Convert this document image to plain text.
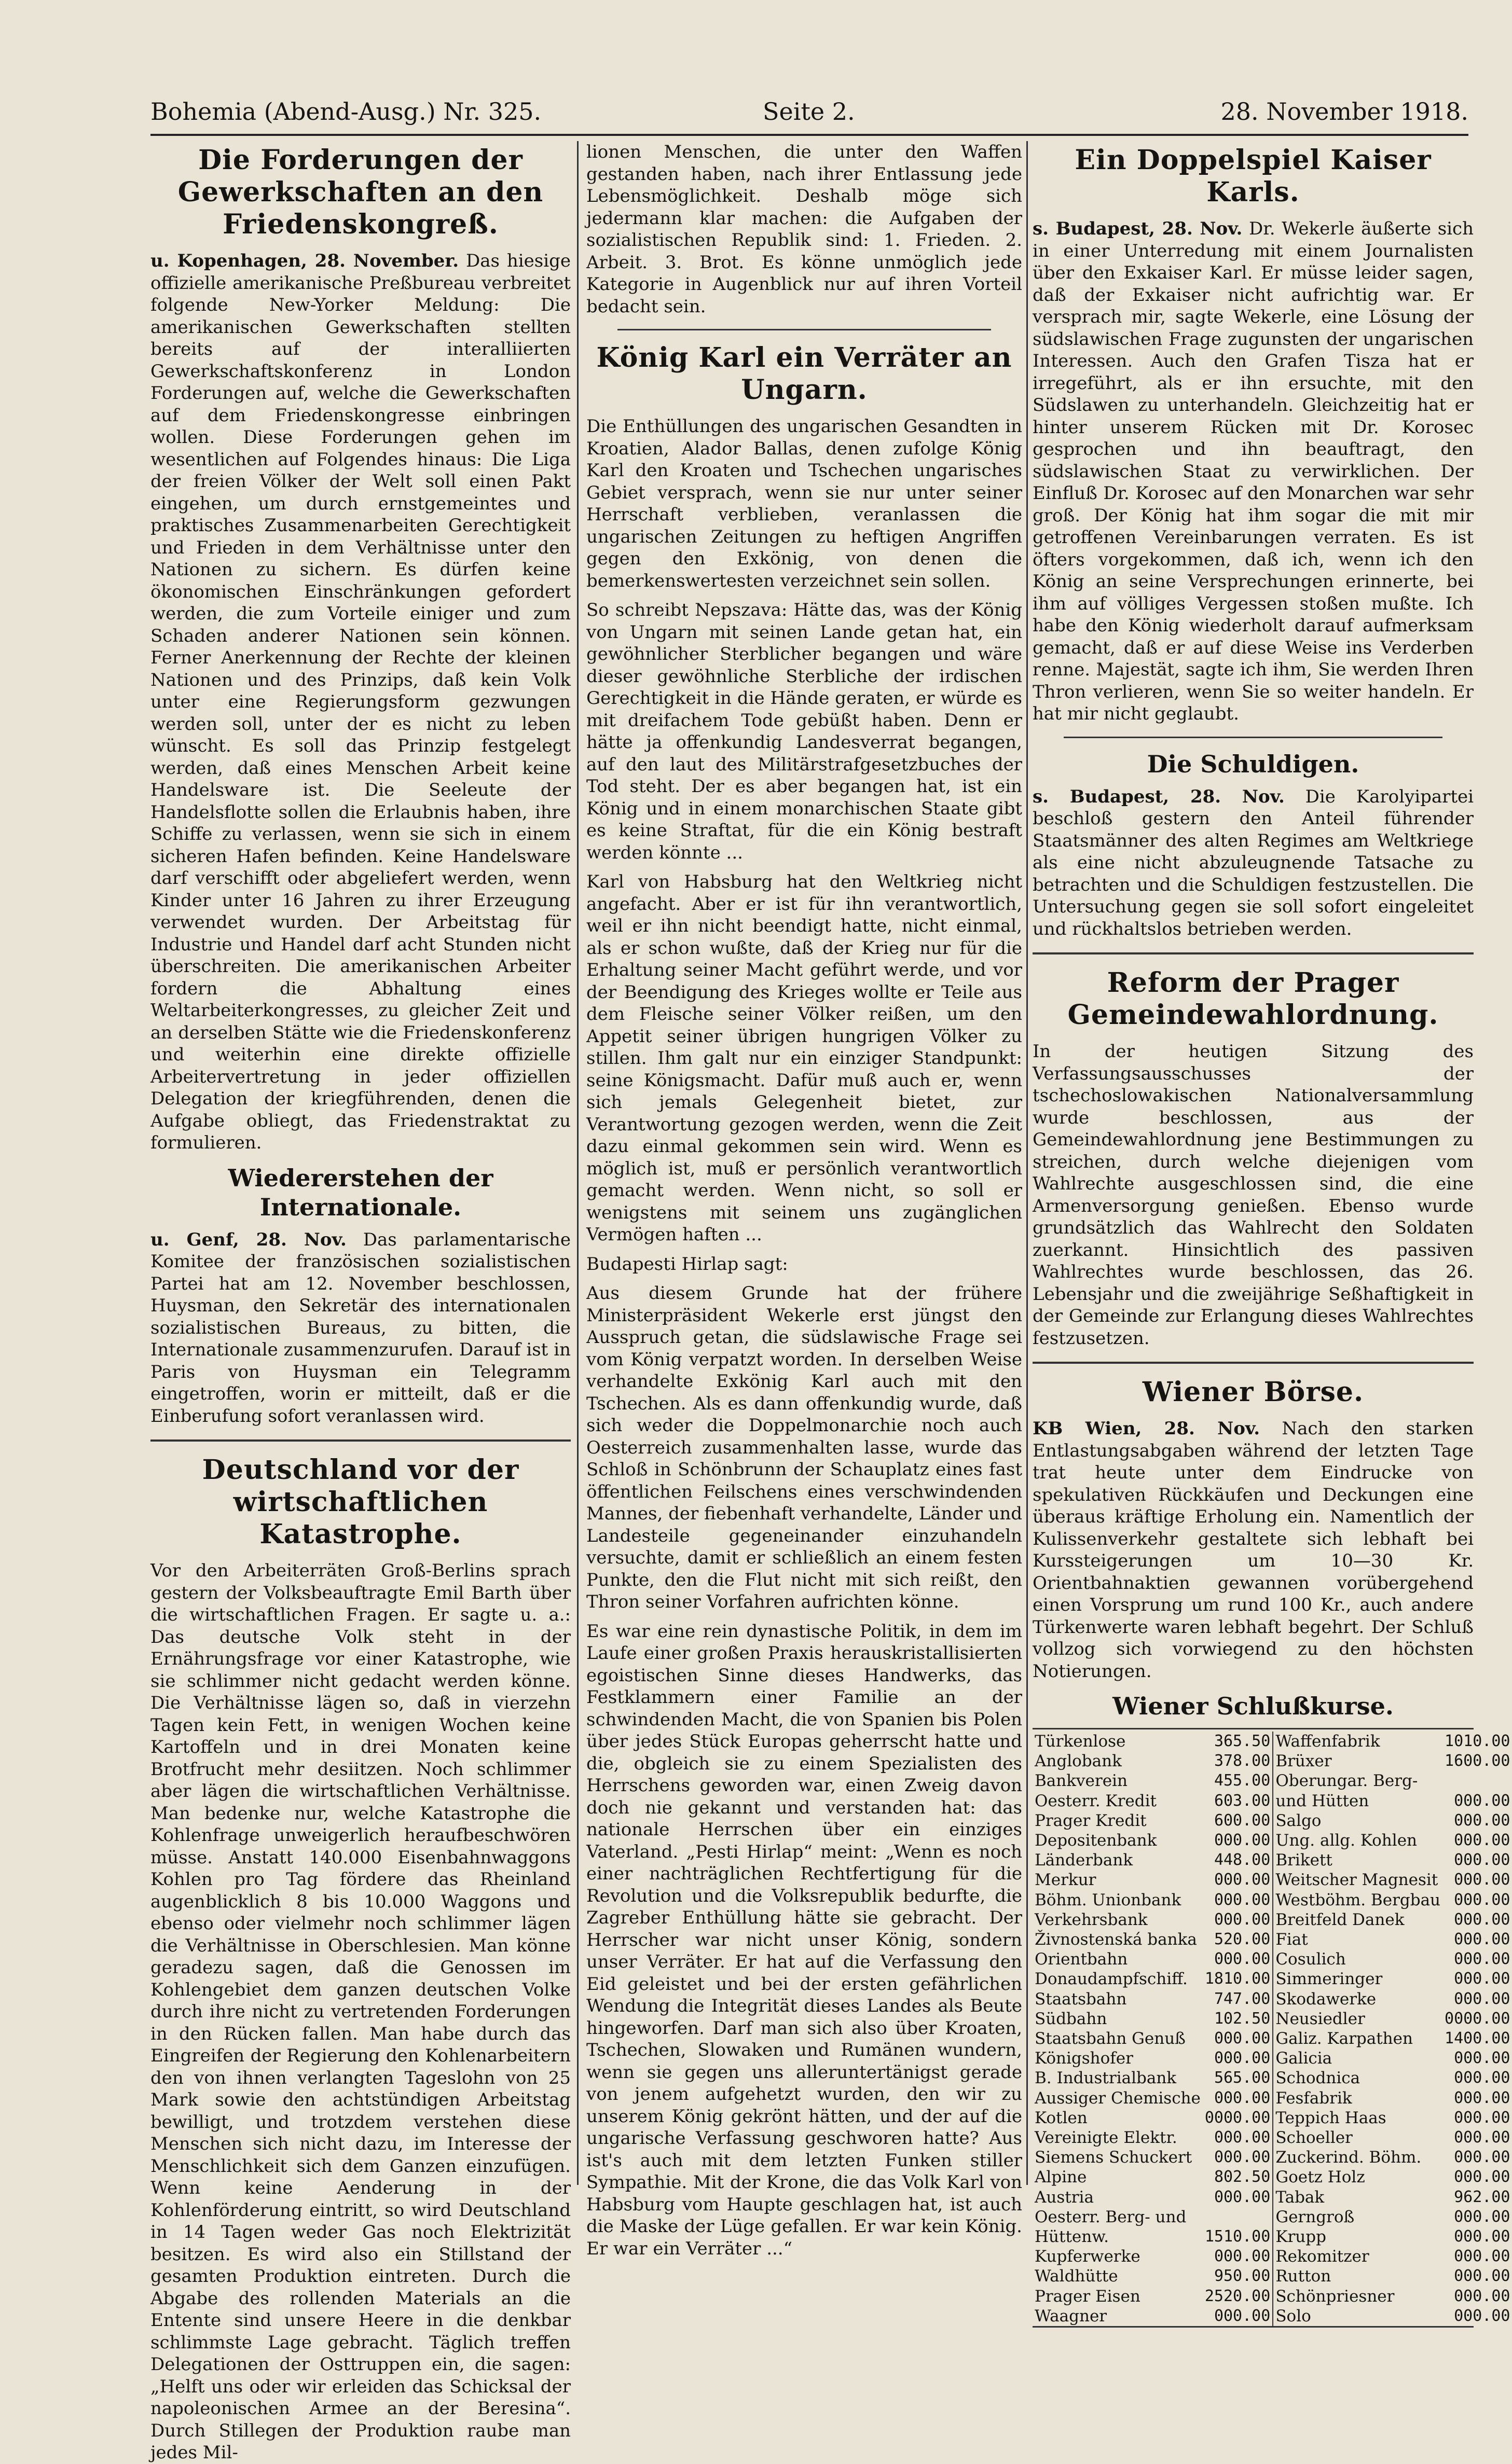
Bohemia (Abend-Ausg.) Nr. 325.	Seite 2.	28. November 1918.
Die Forderungen der Gewerkschaften an den Friedenskongreß.

u. Kopenhagen, 28. November. Das hiesige offizielle amerikanische Preßbureau verbreitet folgende New-Yorker Meldung: Die amerikanischen Gewerkschaften stellten bereits auf der interalliierten Gewerkschaftskonferenz in London Forderungen auf, welche die Gewerkschaften auf dem Friedenskongresse einbringen wollen. Diese Forderungen gehen im wesentlichen auf Folgendes hinaus: Die Liga der freien Völker der Welt soll einen Pakt eingehen, um durch ernstgemeintes und praktisches Zusammenarbeiten Gerechtigkeit und Frieden in dem Verhältnisse unter den Nationen zu sichern. Es dürfen keine ökonomischen Einschränkungen gefordert werden, die zum Vorteile einiger und zum Schaden anderer Nationen sein können. Ferner Anerkennung der Rechte der kleinen Nationen und des Prinzips, daß kein Volk unter eine Regierungsform gezwungen werden soll, unter der es nicht zu leben wünscht. Es soll das Prinzip festgelegt werden, daß eines Menschen Arbeit keine Handelsware ist. Die Seeleute der Handelsflotte sollen die Erlaubnis haben, ihre Schiffe zu verlassen, wenn sie sich in einem sicheren Hafen befinden. Keine Handelsware darf verschifft oder abgeliefert werden, wenn Kinder unter 16 Jahren zu ihrer Erzeugung verwendet wurden. Der Arbeitstag für Industrie und Handel darf acht Stunden nicht überschreiten. Die amerikanischen Arbeiter fordern die Abhaltung eines Weltarbeiterkongresses, zu gleicher Zeit und an derselben Stätte wie die Friedenskonferenz und weiterhin eine direkte offizielle Arbeitervertretung in jeder offiziellen Delegation der kriegführenden, denen die Aufgabe obliegt, das Friedenstraktat zu formulieren.

Wiedererstehen der Internationale.

u. Genf, 28. Nov. Das parlamentarische Komitee der französischen sozialistischen Partei hat am 12. November beschlossen, Huysman, den Sekretär des internationalen sozialistischen Bureaus, zu bitten, die Internationale zusammenzurufen. Darauf ist in Paris von Huysman ein Telegramm eingetroffen, worin er mitteilt, daß er die Einberufung sofort veranlassen wird.

Deutschland vor der wirtschaftlichen Katastrophe.

Vor den Arbeiterräten Groß-Berlins sprach gestern der Volksbeauftragte Emil Barth über die wirtschaftlichen Fragen. Er sagte u. a.: Das deutsche Volk steht in der Ernährungsfrage vor einer Katastrophe, wie sie schlimmer nicht gedacht werden könne. Die Verhältnisse lägen so, daß in vierzehn Tagen kein Fett, in wenigen Wochen keine Kartoffeln und in drei Monaten keine Brotfrucht mehr desiitzen. Noch schlimmer aber lägen die wirtschaftlichen Verhältnisse. Man bedenke nur, welche Katastrophe die Kohlenfrage unweigerlich heraufbeschwören müsse. Anstatt 140.000 Eisenbahnwaggons Kohlen pro Tag fördere das Rheinland augenblicklich 8 bis 10.000 Waggons und ebenso oder vielmehr noch schlimmer lägen die Verhältnisse in Oberschlesien. Man könne geradezu sagen, daß die Genossen im Kohlengebiet dem ganzen deutschen Volke durch ihre nicht zu vertretenden Forderungen in den Rücken fallen. Man habe durch das Eingreifen der Regierung den Kohlenarbeitern den von ihnen verlangten Tageslohn von 25 Mark sowie den achtstündigen Arbeitstag bewilligt, und trotzdem verstehen diese Menschen sich nicht dazu, im Interesse der Menschlichkeit sich dem Ganzen einzufügen. Wenn keine Aenderung in der Kohlenförderung eintritt, so wird Deutschland in 14 Tagen weder Gas noch Elektrizität besitzen. Es wird also ein Stillstand der gesamten Produktion eintreten. Durch die Abgabe des rollenden Materials an die Entente sind unsere Heere in die denkbar schlimmste Lage gebracht. Täglich treffen Delegationen der Osttruppen ein, die sagen: „Helft uns oder wir erleiden das Schicksal der napoleonischen Armee an der Beresina“. Durch Stillegen der Produktion raube man jedes Mil-

lionen Menschen, die unter den Waffen gestanden haben, nach ihrer Entlassung jede Lebensmöglichkeit. Deshalb möge sich jedermann klar machen: die Aufgaben der sozialistischen Republik sind: 1. Frieden. 2. Arbeit. 3. Brot. Es könne unmöglich jede Kategorie in Augenblick nur auf ihren Vorteil bedacht sein.

König Karl ein Verräter an Ungarn.

Die Enthüllungen des ungarischen Gesandten in Kroatien, Alador Ballas, denen zufolge König Karl den Kroaten und Tschechen ungarisches Gebiet versprach, wenn sie nur unter seiner Herrschaft verblieben, veranlassen die ungarischen Zeitungen zu heftigen Angriffen gegen den Exkönig, von denen die bemerkenswertesten verzeichnet sein sollen.

So schreibt Nepszava: Hätte das, was der König von Ungarn mit seinen Lande getan hat, ein gewöhnlicher Sterblicher begangen und wäre dieser gewöhnliche Sterbliche der irdischen Gerechtigkeit in die Hände geraten, er würde es mit dreifachem Tode gebüßt haben. Denn er hätte ja offenkundig Landesverrat begangen, auf den laut des Militärstrafgesetzbuches der Tod steht. Der es aber begangen hat, ist ein König und in einem monarchischen Staate gibt es keine Straftat, für die ein König bestraft werden könnte ...

Karl von Habsburg hat den Weltkrieg nicht angefacht. Aber er ist für ihn verantwortlich, weil er ihn nicht beendigt hatte, nicht einmal, als er schon wußte, daß der Krieg nur für die Erhaltung seiner Macht geführt werde, und vor der Beendigung des Krieges wollte er Teile aus dem Fleische seiner Völker reißen, um den Appetit seiner übrigen hungrigen Völker zu stillen. Ihm galt nur ein einziger Standpunkt: seine Königsmacht. Dafür muß auch er, wenn sich jemals Gelegenheit bietet, zur Verantwortung gezogen werden, wenn die Zeit dazu einmal gekommen sein wird. Wenn es möglich ist, muß er persönlich verantwortlich gemacht werden. Wenn nicht, so soll er wenigstens mit seinem uns zugänglichen Vermögen haften ...

Budapesti Hirlap sagt:

Aus diesem Grunde hat der frühere Ministerpräsident Wekerle erst jüngst den Ausspruch getan, die südslawische Frage sei vom König verpatzt worden. In derselben Weise verhandelte Exkönig Karl auch mit den Tschechen. Als es dann offenkundig wurde, daß sich weder die Doppelmonarchie noch auch Oesterreich zusammenhalten lasse, wurde das Schloß in Schönbrunn der Schauplatz eines fast öffentlichen Feilschens eines verschwindenden Mannes, der fiebenhaft verhandelte, Länder und Landesteile gegeneinander einzuhandeln versuchte, damit er schließlich an einem festen Punkte, den die Flut nicht mit sich reißt, den Thron seiner Vorfahren aufrichten könne.

Es war eine rein dynastische Politik, in dem im Laufe einer großen Praxis herauskristallisierten egoistischen Sinne dieses Handwerks, das Festklammern einer Familie an der schwindenden Macht, die von Spanien bis Polen über jedes Stück Europas geherrscht hatte und die, obgleich sie zu einem Spezialisten des Herrschens geworden war, einen Zweig davon doch nie gekannt und verstanden hat: das nationale Herrschen über ein einziges Vaterland. „Pesti Hirlap“ meint: „Wenn es noch einer nachträglichen Rechtfertigung für die Revolution und die Volksrepublik bedurfte, die Zagreber Enthüllung hätte sie gebracht. Der Herrscher war nicht unser König, sondern unser Verräter. Er hat auf die Verfassung den Eid geleistet und bei der ersten gefährlichen Wendung die Integrität dieses Landes als Beute hingeworfen. Darf man sich also über Kroaten, Tschechen, Slowaken und Rumänen wundern, wenn sie gegen uns alleruntertänigst gerade von jenem aufgehetzt wurden, den wir zu unserem König gekrönt hätten, und der auf die ungarische Verfassung geschworen hatte? Aus ist's auch mit dem letzten Funken stiller Sympathie. Mit der Krone, die das Volk Karl von Habsburg vom Haupte geschlagen hat, ist auch die Maske der Lüge gefallen. Er war kein König. Er war ein Verräter ...“

Ein Doppelspiel Kaiser Karls.

s. Budapest, 28. Nov. Dr. Wekerle äußerte sich in einer Unterredung mit einem Journalisten über den Exkaiser Karl. Er müsse leider sagen, daß der Exkaiser nicht aufrichtig war. Er versprach mir, sagte Wekerle, eine Lösung der südslawischen Frage zugunsten der ungarischen Interessen. Auch den Grafen Tisza hat er irregeführt, als er ihn ersuchte, mit den Südslawen zu unterhandeln. Gleichzeitig hat er hinter unserem Rücken mit Dr. Korosec gesprochen und ihn beauftragt, den südslawischen Staat zu verwirklichen. Der Einfluß Dr. Korosec auf den Monarchen war sehr groß. Der König hat ihm sogar die mit mir getroffenen Vereinbarungen verraten. Es ist öfters vorgekommen, daß ich, wenn ich den König an seine Versprechungen erinnerte, bei ihm auf völliges Vergessen stoßen mußte. Ich habe den König wiederholt darauf aufmerksam gemacht, daß er auf diese Weise ins Verderben renne. Majestät, sagte ich ihm, Sie werden Ihren Thron verlieren, wenn Sie so weiter handeln. Er hat mir nicht geglaubt.

Die Schuldigen.

s. Budapest, 28. Nov. Die Karolyipartei beschloß gestern den Anteil führender Staatsmänner des alten Regimes am Weltkriege als eine nicht abzuleugnende Tatsache zu betrachten und die Schuldigen festzustellen. Die Untersuchung gegen sie soll sofort eingeleitet und rückhaltslos betrieben werden.

Reform der Prager Gemeindewahlordnung.

In der heutigen Sitzung des Verfassungsausschusses der tschechoslowakischen Nationalversammlung wurde beschlossen, aus der Gemeindewahlordnung jene Bestimmungen zu streichen, durch welche diejenigen vom Wahlrechte ausgeschlossen sind, die eine Armenversorgung genießen. Ebenso wurde grundsätzlich das Wahlrecht den Soldaten zuerkannt. Hinsichtlich des passiven Wahlrechtes wurde beschlossen, das 26. Lebensjahr und die zweijährige Seßhaftigkeit in der Gemeinde zur Erlangung dieses Wahlrechtes festzusetzen.

Wiener Börse.

KB Wien, 28. Nov. Nach den starken Entlastungsabgaben während der letzten Tage trat heute unter dem Eindrucke von spekulativen Rückkäufen und Deckungen eine überaus kräftige Erholung ein. Namentlich der Kulissenverkehr gestaltete sich lebhaft bei Kurssteigerungen um 10—30 Kr. Orientbahnaktien gewannen vorübergehend einen Vorsprung um rund 100 Kr., auch andere Türkenwerte waren lebhaft begehrt. Der Schluß vollzog sich vorwiegend zu den höchsten Notierungen.

Wiener Schlußkurse.
Türkenlose	365.50	Waffenfabrik	1010.00
Anglobank	378.00	Brüxer	1600.00
Bankverein	455.00	Oberungar. Berg-	
Oesterr. Kredit	603.00	und Hütten	000.00
Prager Kredit	600.00	Salgo	000.00
Depositenbank	000.00	Ung. allg. Kohlen	000.00
Länderbank	448.00	Brikett	000.00
Merkur	000.00	Weitscher Magnesit	000.00
Böhm. Unionbank	000.00	Westböhm. Bergbau	000.00
Verkehrsbank	000.00	Breitfeld Danek	000.00
Živnostenská banka	520.00	Fiat	000.00
Orientbahn	000.00	Cosulich	000.00
Donaudampfschiff.	1810.00	Simmeringer	000.00
Staatsbahn	747.00	Skodawerke	000.00
Südbahn	102.50	Neusiedler	0000.00
Staatsbahn Genuß	000.00	Galiz. Karpathen	1400.00
Königshofer	000.00	Galicia	000.00
B. Industrialbank	565.00	Schodnica	000.00
Aussiger Chemische	000.00	Fesfabrik	000.00
Kotlen	0000.00	Teppich Haas	000.00
Vereinigte Elektr.	000.00	Schoeller	000.00
Siemens Schuckert	000.00	Zuckerind. Böhm.	000.00
Alpine	802.50	Goetz Holz	000.00
Austria	000.00	Tabak	962.00
Oesterr. Berg- und		Gerngroß	000.00
Hüttenw.	1510.00	Krupp	000.00
Kupferwerke	000.00	Rekomitzer	000.00
Waldhütte	950.00	Rutton	000.00
Prager Eisen	2520.00	Schönpriesner	000.00
Waagner	000.00	Solo	000.00
